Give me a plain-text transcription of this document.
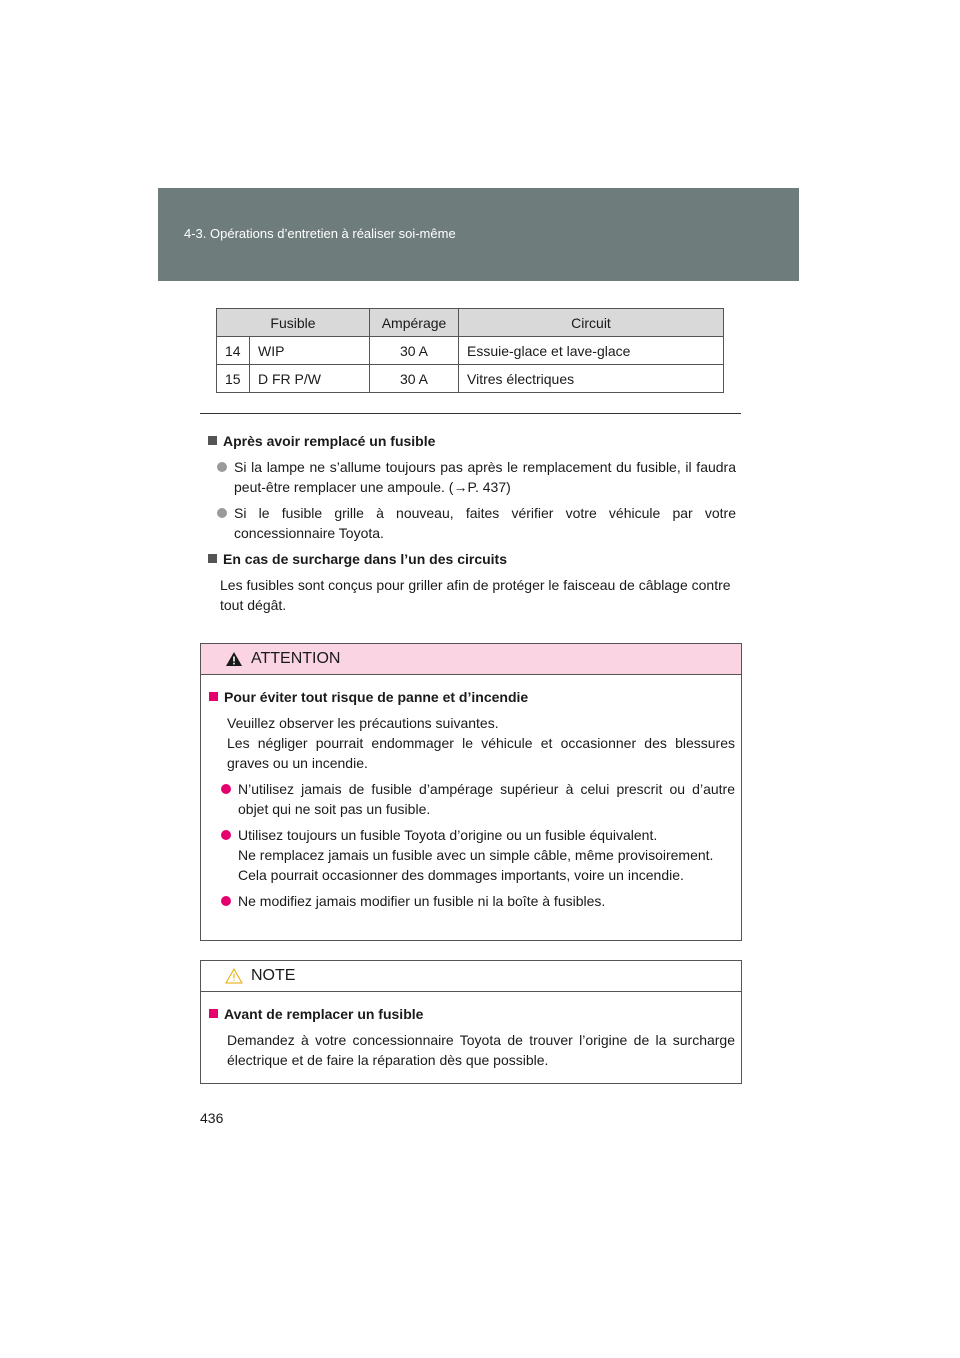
4-3. Opérations d’entretien à réaliser soi-même
Fusible		Ampérage	Circuit
14	WIP	30 A	Essuie-glace et lave-glace
15	D FR P/W	30 A	Vitres électriques
Après avoir remplacé un fusible
Si la lampe ne s’allume toujours pas après le remplacement du fusible, il faudra peut-être remplacer une ampoule. (→P. 437)
Si le fusible grille à nouveau, faites vérifier votre véhicule par votre concessionnaire Toyota.
En cas de surcharge dans l’un des circuits
Les fusibles sont conçus pour griller afin de protéger le faisceau de câblage contre tout dégât.
ATTENTION
Pour éviter tout risque de panne et d’incendie
Veuillez observer les précautions suivantes.
Les négliger pourrait endommager le véhicule et occasionner des blessures graves ou un incendie.
N’utilisez jamais de fusible d’ampérage supérieur à celui prescrit ou d’autre objet qui ne soit pas un fusible.
Utilisez toujours un fusible Toyota d’origine ou un fusible équivalent.
Ne remplacez jamais un fusible avec un simple câble, même provisoirement.
Cela pourrait occasionner des dommages importants, voire un incendie.
Ne modifiez jamais modifier un fusible ni la boîte à fusibles.
NOTE
Avant de remplacer un fusible
Demandez à votre concessionnaire Toyota de trouver l’origine de la surcharge électrique et de faire la réparation dès que possible.
436
